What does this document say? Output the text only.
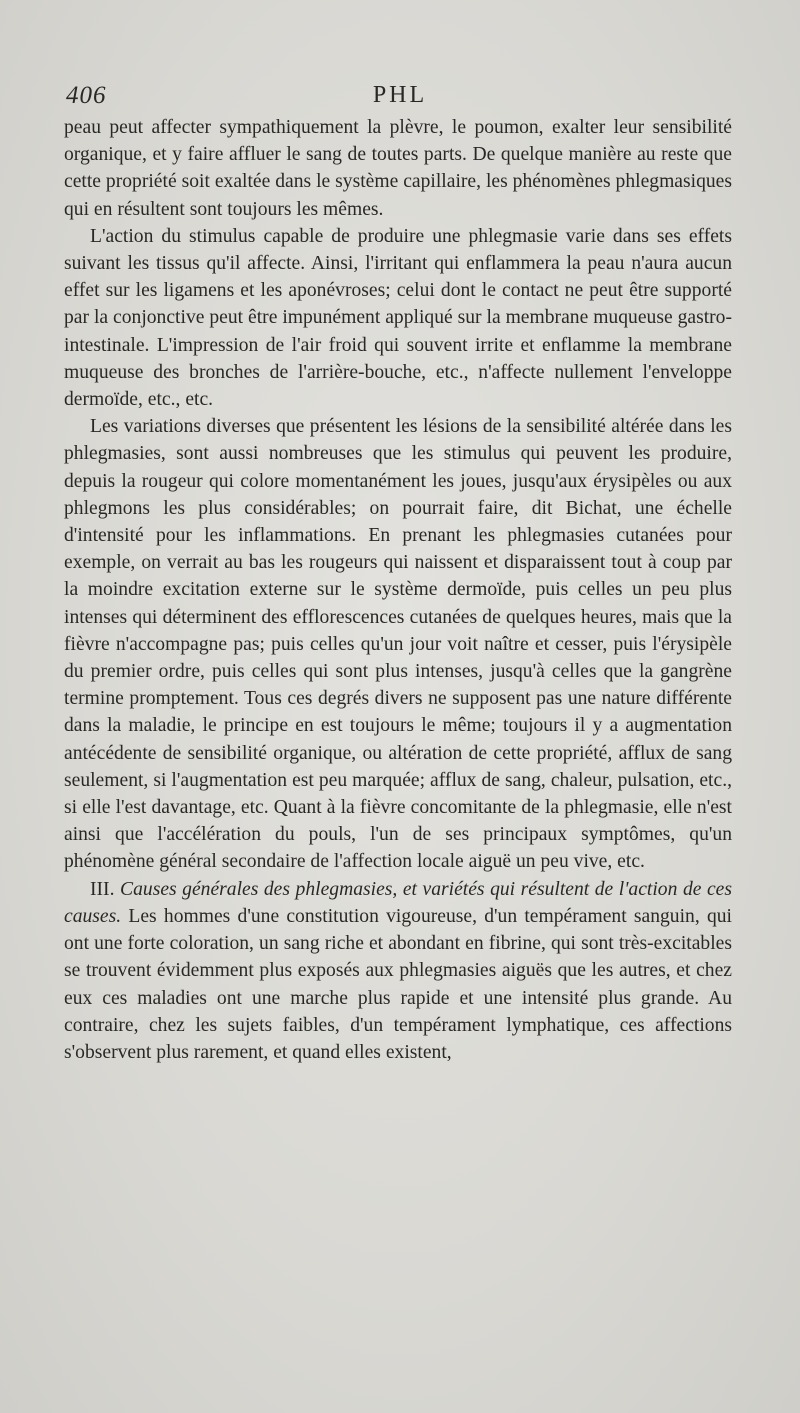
406	PHL

peau peut affecter sympathiquement la plèvre, le poumon, exalter leur sensibilité organique, et y faire affluer le sang de toutes parts. De quelque manière au reste que cette propriété soit exaltée dans le système capillaire, les phénomènes phlegmasiques qui en résultent sont toujours les mêmes.

L'action du stimulus capable de produire une phlegmasie varie dans ses effets suivant les tissus qu'il affecte. Ainsi, l'irritant qui enflammera la peau n'aura aucun effet sur les ligamens et les aponévroses; celui dont le contact ne peut être supporté par la conjonctive peut être impunément appliqué sur la membrane muqueuse gastro-intestinale. L'impression de l'air froid qui souvent irrite et enflamme la membrane muqueuse des bronches de l'arrière-bouche, etc., n'affecte nullement l'enveloppe dermoïde, etc., etc.

Les variations diverses que présentent les lésions de la sensibilité altérée dans les phlegmasies, sont aussi nombreuses que les stimulus qui peuvent les produire, depuis la rougeur qui colore momentanément les joues, jusqu'aux érysipèles ou aux phlegmons les plus considérables; on pourrait faire, dit Bichat, une échelle d'intensité pour les inflammations. En prenant les phlegmasies cutanées pour exemple, on verrait au bas les rougeurs qui naissent et disparaissent tout à coup par la moindre excitation externe sur le système dermoïde, puis celles un peu plus intenses qui déterminent des efflorescences cutanées de quelques heures, mais que la fièvre n'accompagne pas; puis celles qu'un jour voit naître et cesser, puis l'érysipèle du premier ordre, puis celles qui sont plus intenses, jusqu'à celles que la gangrène termine promptement. Tous ces degrés divers ne supposent pas une nature différente dans la maladie, le principe en est toujours le même; toujours il y a augmentation antécédente de sensibilité organique, ou altération de cette propriété, afflux de sang seulement, si l'augmentation est peu marquée; afflux de sang, chaleur, pulsation, etc., si elle l'est davantage, etc. Quant à la fièvre concomitante de la phlegmasie, elle n'est ainsi que l'accélération du pouls, l'un de ses principaux symptômes, qu'un phénomène général secondaire de l'affection locale aiguë un peu vive, etc.

III. Causes générales des phlegmasies, et variétés qui résultent de l'action de ces causes. Les hommes d'une constitution vigoureuse, d'un tempérament sanguin, qui ont une forte coloration, un sang riche et abondant en fibrine, qui sont très-excitables se trouvent évidemment plus exposés aux phlegmasies aiguës que les autres, et chez eux ces maladies ont une marche plus rapide et une intensité plus grande. Au contraire, chez les sujets faibles, d'un tempérament lymphatique, ces affections s'observent plus rarement, et quand elles existent,
